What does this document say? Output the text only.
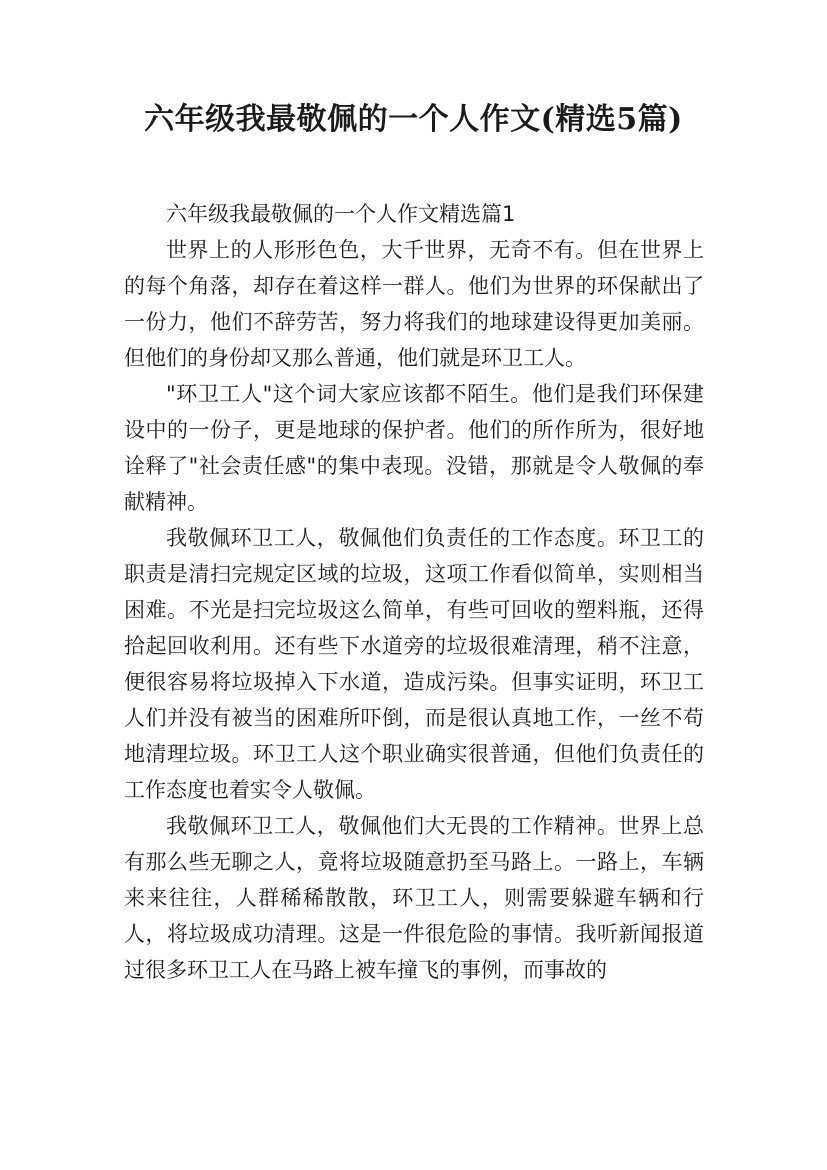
六年级我最敬佩的一个人作文(精选5篇)

六年级我最敬佩的一个人作文精选篇1

世界上的人形形色色，大千世界，无奇不有。但在世界上的每个角落，却存在着这样一群人。他们为世界的环保献出了一份力，他们不辞劳苦，努力将我们的地球建设得更加美丽。但他们的身份却又那么普通，他们就是环卫工人。

"环卫工人"这个词大家应该都不陌生。他们是我们环保建设中的一份子，更是地球的保护者。他们的所作所为，很好地诠释了"社会责任感"的集中表现。没错，那就是令人敬佩的奉献精神。

我敬佩环卫工人，敬佩他们负责任的工作态度。环卫工的职责是清扫完规定区域的垃圾，这项工作看似简单，实则相当困难。不光是扫完垃圾这么简单，有些可回收的塑料瓶，还得拾起回收利用。还有些下水道旁的垃圾很难清理，稍不注意，便很容易将垃圾掉入下水道，造成污染。但事实证明，环卫工人们并没有被当的困难所吓倒，而是很认真地工作，一丝不苟地清理垃圾。环卫工人这个职业确实很普通，但他们负责任的工作态度也着实令人敬佩。

我敬佩环卫工人，敬佩他们大无畏的工作精神。世界上总有那么些无聊之人，竟将垃圾随意扔至马路上。一路上，车辆来来往往，人群稀稀散散，环卫工人，则需要躲避车辆和行人，将垃圾成功清理。这是一件很危险的事情。我听新闻报道过很多环卫工人在马路上被车撞飞的事例，而事故的
